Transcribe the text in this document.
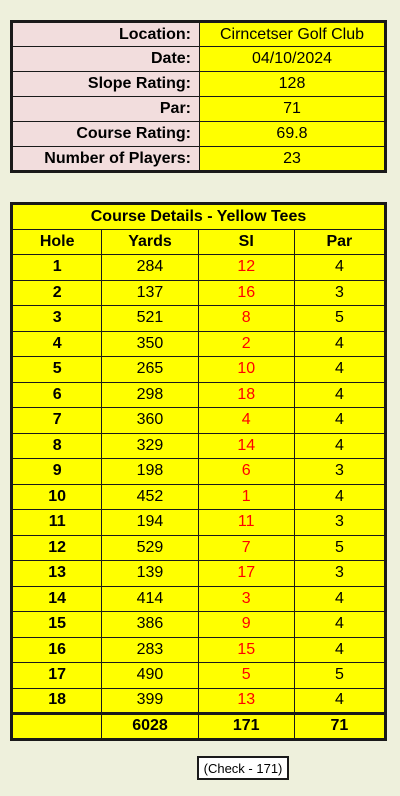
Location:	Cirncetser Golf Club
Date:	04/10/2024
Slope Rating:	128
Par:	71
Course Rating:	69.8
Number of Players:	23
Course Details - Yellow Tees			
Hole	Yards	SI	Par
1	284	12	4
2	137	16	3
3	521	8	5
4	350	2	4
5	265	10	4
6	298	18	4
7	360	4	4
8	329	14	4
9	198	6	3
10	452	1	4
11	194	11	3
12	529	7	5
13	139	17	3
14	414	3	4
15	386	9	4
16	283	15	4
17	490	5	5
18	399	13	4
	6028	171	71
(Check - 171)
